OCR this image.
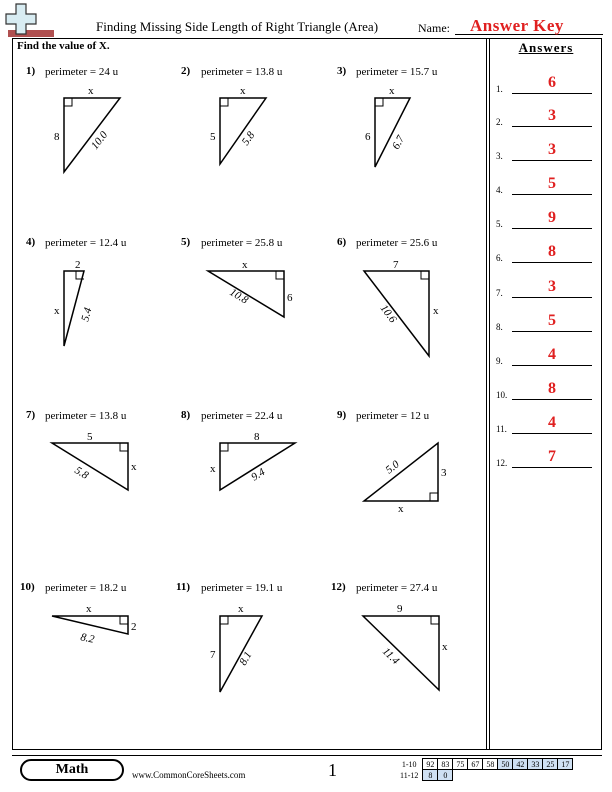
Finding Missing Side Length of Right Triangle (Area)	Name: Answer Key
Find the value of X.	Answers
1.	6
2.	3
3.	3
4.	5
5.	9
6.	8
7.	3
8.	5
9.	4
10.	8
11.	4
12.	7
1) perimeter = 24 u	2) perimeter = 13.8 u	3) perimeter = 15.7 u
4) perimeter = 12.4 u	5) perimeter = 25.8 u	6) perimeter = 25.6 u
7) perimeter = 13.8 u	8) perimeter = 22.4 u	9) perimeter = 12 u
10) perimeter = 18.2 u	11) perimeter = 19.1 u	12) perimeter = 27.4 u
x
8	10.0
x
5 5.8
x
6 6.7
2
x 5.4
x
6
10.8
7
x
10.6
5
x
5.8
8
x	9.4	5.0	3
x
x
2
8.2
x
7 8.1
9
x
11.4
Math	www.CommonCoreSheets.com	1	1-10	92	83	75	67	58	50	42	33	25	17
11-12	8	0								
